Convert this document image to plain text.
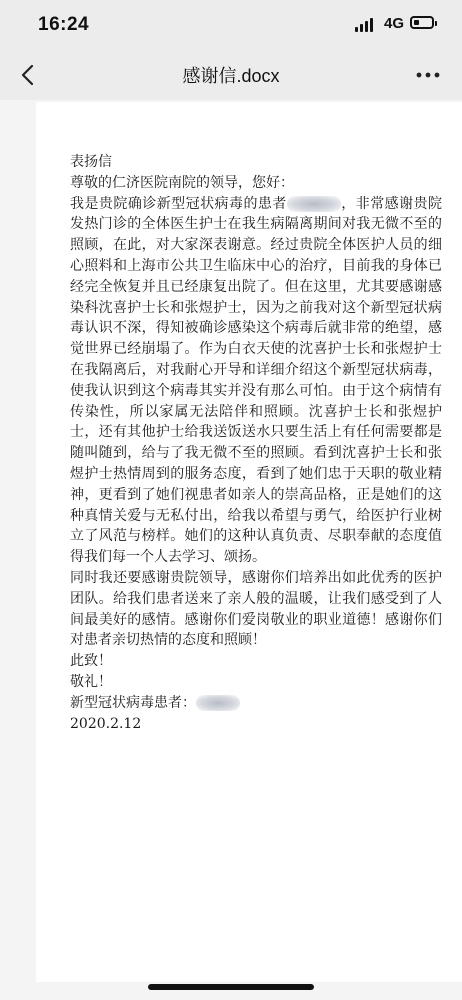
16:24	4G
感谢信.docx

表扬信

尊敬的仁济医院南院的领导，您好：

我是贵院确诊新型冠状病毒的患者	，非常感谢贵院发热门诊的全体医生护士在我生病隔离期间对我无微不至的照顾，在此，对大家深表谢意。经过贵院全体医护人员的细心照料和上海市公共卫生临床中心的治疗，目前我的身体已经完全恢复并且已经康复出院了。但在这里，尤其要感谢感染科沈喜护士长和张煜护士，因为之前我对这个新型冠状病毒认识不深，得知被确诊感染这个病毒后就非常的绝望，感觉世界已经崩塌了。作为白衣天使的沈喜护士长和张煜护士在我隔离后，对我耐心开导和详细介绍这个新型冠状病毒，使我认识到这个病毒其实并没有那么可怕。由于这个病情有传染性，所以家属无法陪伴和照顾。沈喜护士长和张煜护士，还有其他护士给我送饭送水只要生活上有任何需要都是随叫随到，给与了我无微不至的照顾。看到沈喜护士长和张煜护士热情周到的服务态度，看到了她们忠于天职的敬业精神，更看到了她们视患者如亲人的崇高品格，正是她们的这种真情关爱与无私付出，给我以希望与勇气，给医护行业树立了风范与榜样。她们的这种认真负责、尽职奉献的态度值得我们每一个人去学习、颂扬。

同时我还要感谢贵院领导，感谢你们培养出如此优秀的医护团队。给我们患者送来了亲人般的温暖，让我们感受到了人间最美好的感情。感谢你们爱岗敬业的职业道德！感谢你们对患者亲切热情的态度和照顾！

此致！

敬礼！

新型冠状病毒患者：

2020.2.12
